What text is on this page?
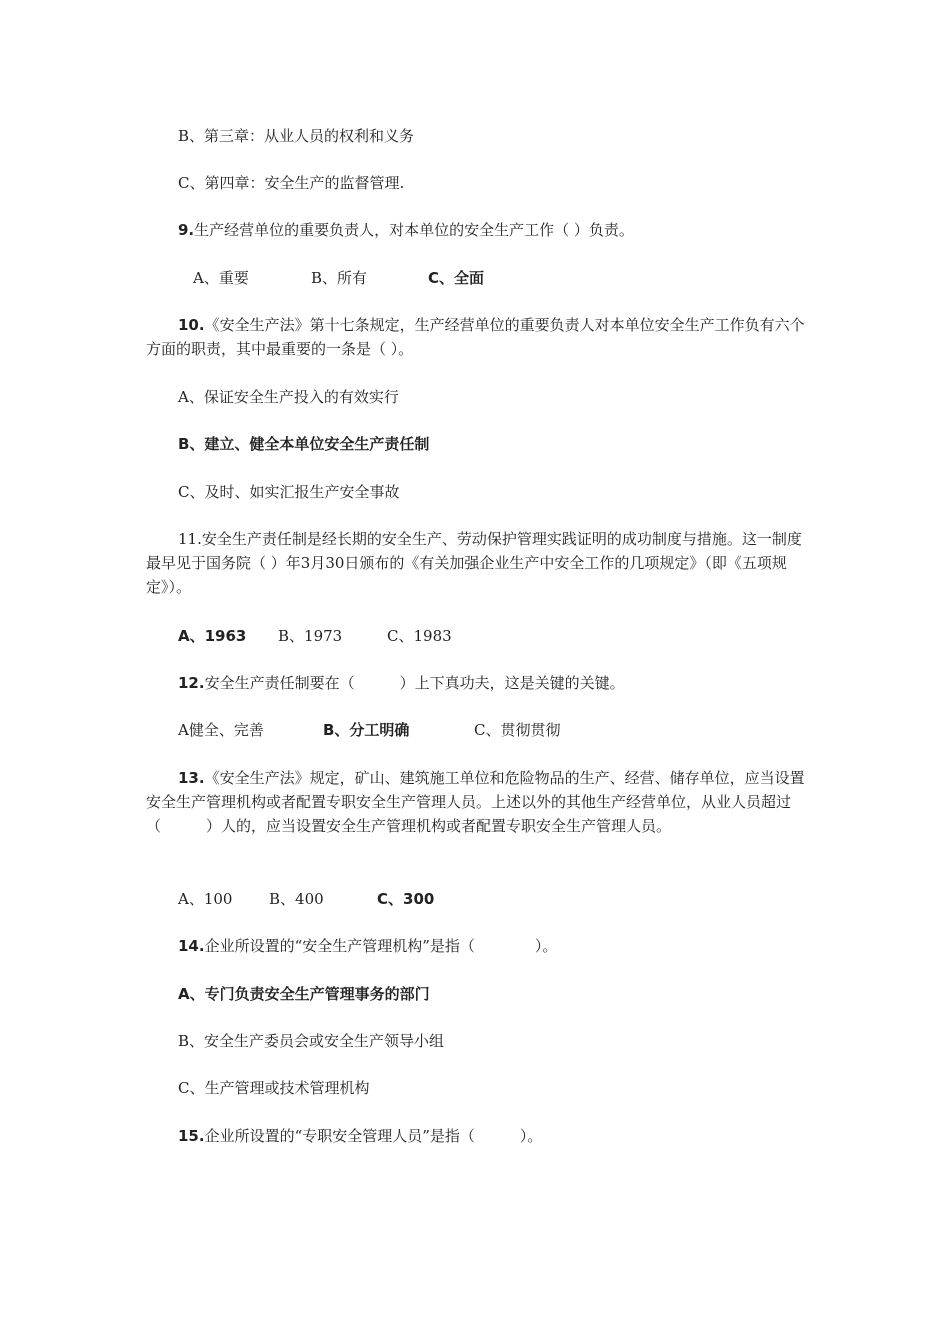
B、第三章：从业人员的权利和义务
C、第四章：安全生产的监督管理.
9.生产经营单位的重要负责人，对本单位的安全生产工作（ ）负责。
A、重要	B、所有	C、全面
10.《安全生产法》第十七条规定，生产经营单位的重要负责人对本单位安全生产工作负有六个方面的职责，其中最重要的一条是（ ）。
A、保证安全生产投入的有效实行
B、建立、健全本单位安全生产责任制
C、及时、如实汇报生产安全事故
11.安全生产责任制是经长期的安全生产、劳动保护管理实践证明的成功制度与措施。这一制度最早见于国务院（ ）年3月30日颁布的《有关加强企业生产中安全工作的几项规定》（即《五项规定》）。
A、1963 B、1973	C、1983
12.安全生产责任制要在（　　　）上下真功夫，这是关键的关键。
A健全、完善	B、分工明确	C、贯彻贯彻
13.《安全生产法》规定，矿山、建筑施工单位和危险物品的生产、经营、储存单位，应当设置安全生产管理机构或者配置专职安全生产管理人员。上述以外的其他生产经营单位，从业人员超过（　　　）人的，应当设置安全生产管理机构或者配置专职安全生产管理人员。
A、100 B、400	C、300
14.企业所设置的“安全生产管理机构”是指（　　　　）。
A、专门负责安全生产管理事务的部门
B、安全生产委员会或安全生产领导小组
C、生产管理或技术管理机构
15.企业所设置的“专职安全管理人员”是指（　　　）。
